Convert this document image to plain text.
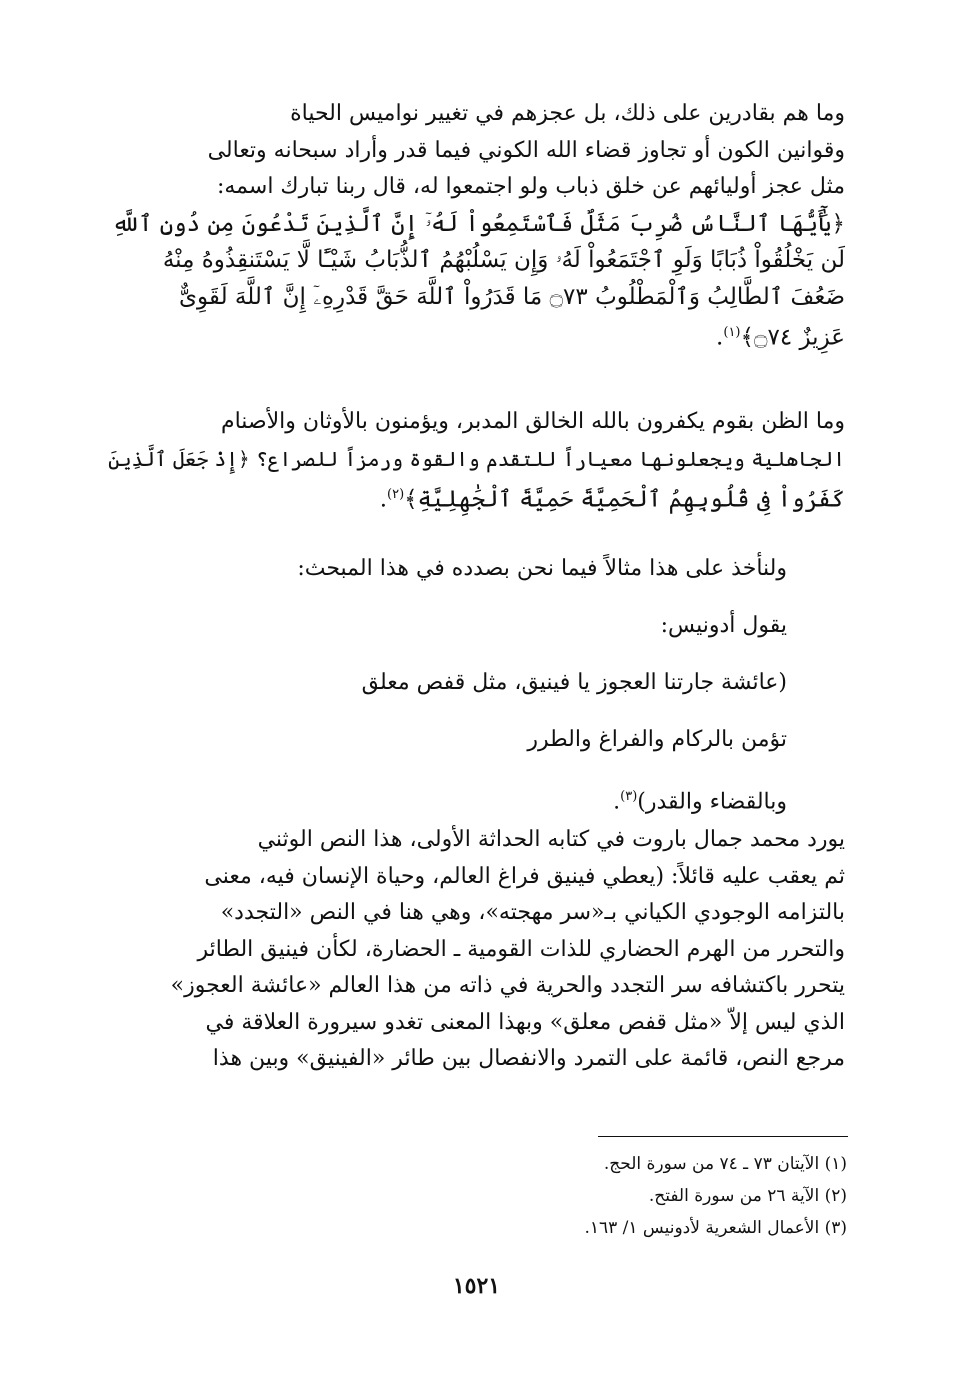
وما هم بقادرين على ذلك، بل عجزهم في تغيير نواميس الحياة
وقوانين الكون أو تجاوز قضاء الله الكوني فيما قدر وأراد سبحانه وتعالى
مثل عجز أوليائهم عن خلق ذباب ولو اجتمعوا له، قال ربنا تبارك اسمه:
﴿يَٰٓأَيُّهَا ٱلنَّاسُ ضُرِبَ مَثَلٌ فَٱسْتَمِعُواْ لَهُۥٓ إِنَّ ٱلَّذِينَ تَدْعُونَ مِن دُونِ ٱللَّهِ
لَن يَخْلُقُواْ ذُبَابًا وَلَوِ ٱجْتَمَعُواْ لَهُۥ وَإِن يَسْلُبْهُمُ ٱلذُّبَابُ شَيْـًٔا لَّا يَسْتَنقِذُوهُ مِنْهُ
ضَعُفَ ٱلطَّالِبُ وَٱلْمَطْلُوبُ ۝٧٣ مَا قَدَرُواْ ٱللَّهَ حَقَّ قَدْرِهِۦٓ إِنَّ ٱللَّهَ لَقَوِىٌّ
عَزِيزٌ ۝٧٤﴾$^{(١)}$.
وما الظن بقوم يكفرون بالله الخالق المدبر، ويؤمنون بالأوثان والأصنام
الجاهلية ويجعلونها معياراً للتقدم والقوة ورمزاً للصراع؟ ﴿إِذْ جَعَلَ ٱلَّذِينَ
كَفَرُواْ فِى قُلُوبِهِمُ ٱلْحَمِيَّةَ حَمِيَّةَ ٱلْجَٰهِلِيَّةِ﴾$^{(٢)}$.
ولنأخذ على هذا مثالاً فيما نحن بصدده في هذا المبحث:
يقول أدونيس:
(عائشة جارتنا العجوز يا فينيق، مثل قفص معلق
تؤمن بالركام والفراغ والطرر
وبالقضاء والقدر)$^{(٣)}$.
يورد محمد جمال باروت في كتابه الحداثة الأولى، هذا النص الوثني
ثم يعقب عليه قائلاً: (يعطي فينيق فراغ العالم، وحياة الإنسان فيه، معنى
بالتزامه الوجودي الكياني بـ«سر مهجته»، وهي هنا في النص «التجدد»
والتحرر من الهرم الحضاري للذات القومية ـ الحضارة، لكأن فينيق الطائر
يتحرر باكتشافه سر التجدد والحرية في ذاته من هذا العالم «عائشة العجوز»
الذي ليس إلاّ «مثل قفص معلق» وبهذا المعنى تغدو سيرورة العلاقة في
مرجع النص، قائمة على التمرد والانفصال بين طائر «الفينيق» وبين هذا
(١) الآيتان ٧٣ ـ ٧٤ من سورة الحج.
(٢) الآية ٢٦ من سورة الفتح.
(٣) الأعمال الشعرية لأدونيس ١/ ١٦٣.
١٥٢١
